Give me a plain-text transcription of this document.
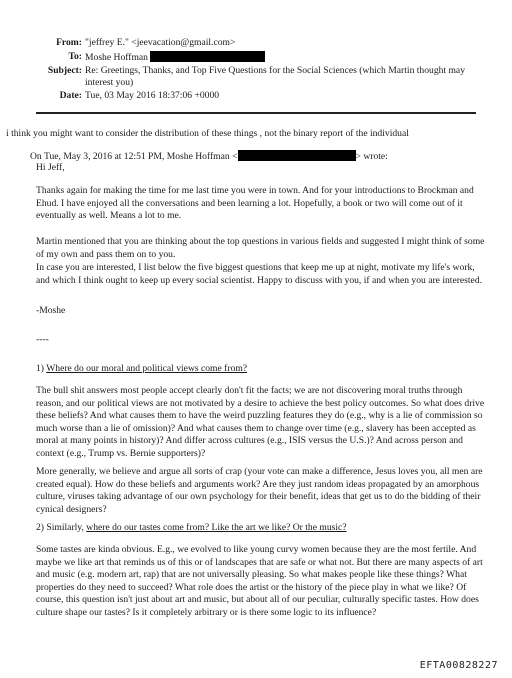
From: "jeffrey E." <jeevacation@gmail.com>
To: Moshe Hoffman
Subject: Re: Greetings, Thanks, and Top Five Questions for the Social Sciences (which Martin thought may
interest you)
Date: Tue, 03 May 2016 18:37:06 +0000
i think you might want to consider the distribution of these things , not the binary report of the individual
On Tue, May 3, 2016 at 12:51 PM, Moshe Hoffman <	> wrote:
Hi Jeff,
Thanks again for making the time for me last time you were in town. And for your introductions to Brockman and Ehud. I have enjoyed all the conversations and been learning a lot. Hopefully, a book or two will come out of it eventually as well. Means a lot to me.
Martin mentioned that you are thinking about the top questions in various fields and suggested I might think of some of my own and pass them on to you.
In case you are interested, I list below the five biggest questions that keep me up at night, motivate my life's work, and which I think ought to keep up every social scientist. Happy to discuss with you, if and when you are interested.
-Moshe
----
1) Where do our moral and political views come from?
The bull shit answers most people accept clearly don't fit the facts; we are not discovering moral truths through reason, and our political views are not motivated by a desire to achieve the best policy outcomes. So what does drive these beliefs? And what causes them to have the weird puzzling features they do (e.g., why is a lie of commission so much worse than a lie of omission)? And what causes them to change over time (e.g., slavery has been accepted as moral at many points in history)? And differ across cultures (e.g., ISIS versus the U.S.)? And across person and context (e.g., Trump vs. Bernie supporters)?
More generally, we believe and argue all sorts of crap (your vote can make a difference, Jesus loves you, all men are created equal). How do these beliefs and arguments work? Are they just random ideas propagated by an amorphous culture, viruses taking advantage of our own psychology for their benefit, ideas that get us to do the bidding of their cynical designers?
2) Similarly, where do our tastes come from? Like the art we like? Or the music?
Some tastes are kinda obvious. E.g., we evolved to like young curvy women because they are the most fertile. And maybe we like art that reminds us of this or of landscapes that are safe or what not. But there are many aspects of art and music (e.g. modern art, rap) that are not universally pleasing. So what makes people like these things? What properties do they need to succeed? What role does the artist or the history of the piece play in what we like? Of course, this question isn't just about art and music, but about all of our peculiar, culturally specific tastes. How does culture shape our tastes? Is it completely arbitrary or is there some logic to its influence?
EFTA00828227
